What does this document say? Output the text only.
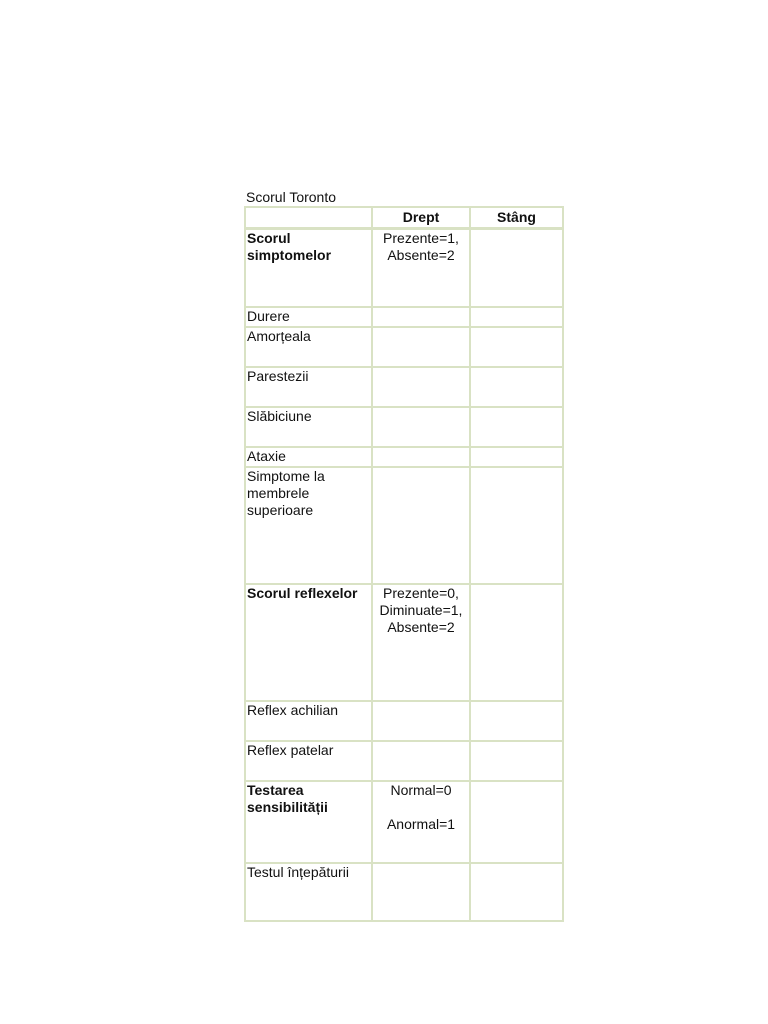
Scorul Toronto
	Drept	Stâng
Scorul simptomelor	Prezente=1,
Absente=2	

Durere		
Amorțeala		
Parestezii		
Slăbiciune		
Ataxie		
Simptome la membrele superioare		
Scorul reflexelor	Prezente=0,
Diminuate=1,
Absente=2	

Reflex achilian		
Reflex patelar		
Testarea sensibilității	Normal=0
Anormal=1	

Testul înțepăturii		
